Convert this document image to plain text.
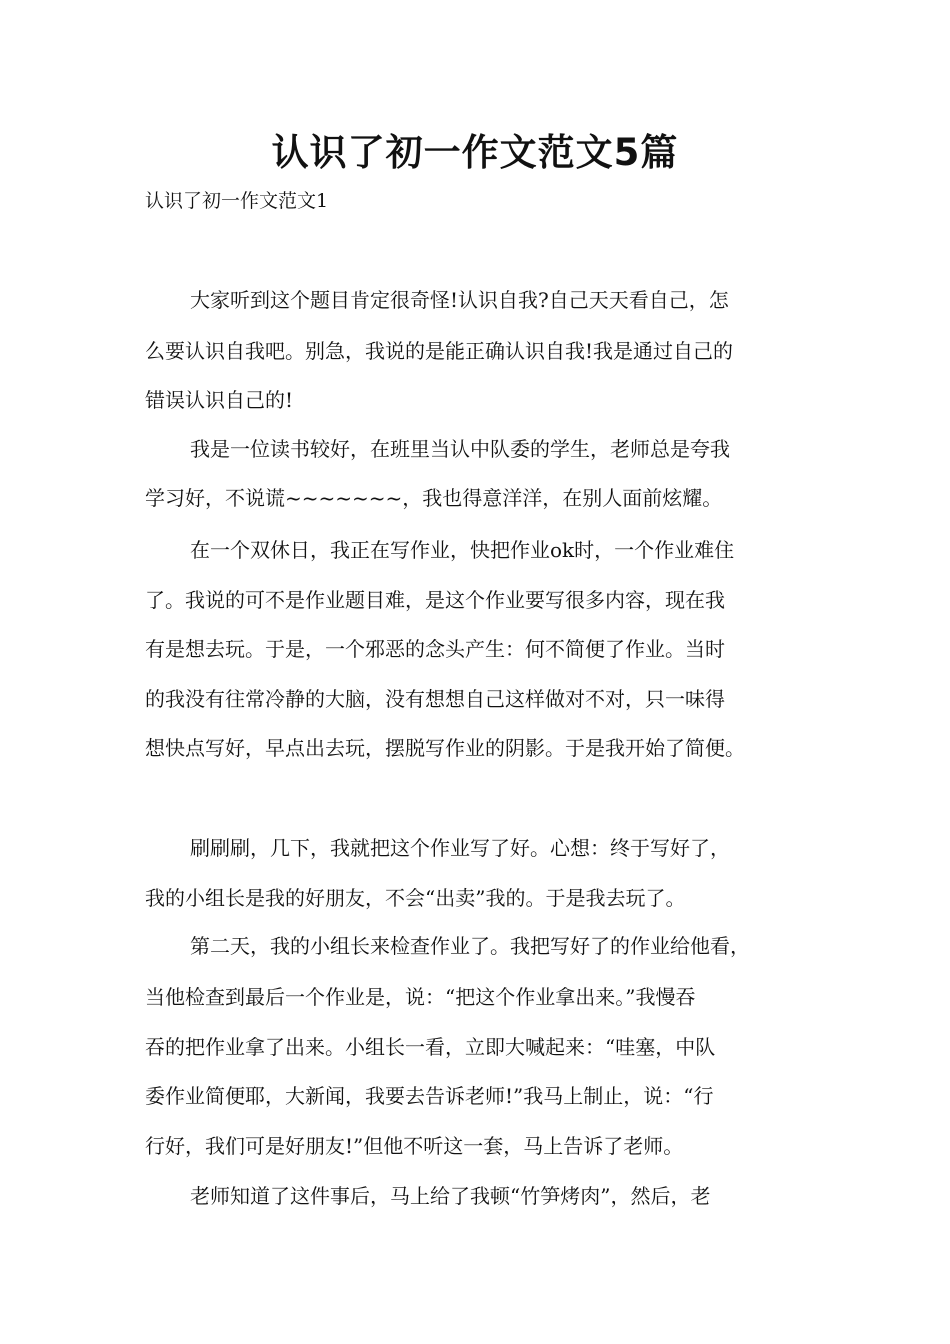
认识了初一作文范文5篇
认识了初一作文范文1
大家听到这个题目肯定很奇怪!认识自我?自己天天看自己，怎
么要认识自我吧。别急，我说的是能正确认识自我!我是通过自己的
错误认识自己的!
我是一位读书较好，在班里当认中队委的学生，老师总是夸我
学习好，不说谎~~~~~~~，我也得意洋洋，在别人面前炫耀。
在一个双休日，我正在写作业，快把作业ok时，一个作业难住
了。我说的可不是作业题目难，是这个作业要写很多内容，现在我
有是想去玩。于是，一个邪恶的念头产生：何不简便了作业。当时
的我没有往常冷静的大脑，没有想想自己这样做对不对，只一味得
想快点写好，早点出去玩，摆脱写作业的阴影。于是我开始了简便。
刷刷刷，几下，我就把这个作业写了好。心想：终于写好了，
我的小组长是我的好朋友，不会“出卖”我的。于是我去玩了。
第二天，我的小组长来检查作业了。我把写好了的作业给他看，
当他检查到最后一个作业是，说：“把这个作业拿出来。”我慢吞
吞的把作业拿了出来。小组长一看，立即大喊起来：“哇塞，中队
委作业简便耶，大新闻，我要去告诉老师!”我马上制止，说：“行
行好，我们可是好朋友!”但他不听这一套，马上告诉了老师。
老师知道了这件事后，马上给了我顿“竹笋烤肉”，然后，老
